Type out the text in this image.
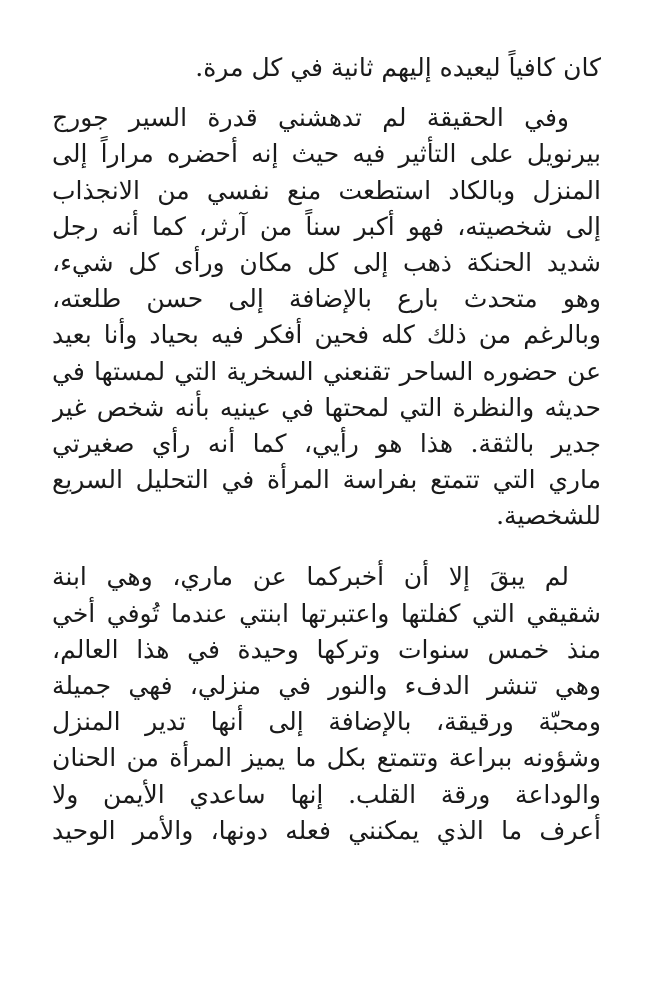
كان كافياً ليعيده إليهم ثانية في كل مرة.
وفي الحقيقة لم تدهشني قدرة السير جورج
بيرنويل على التأثير فيه حيث إنه أحضره مراراً إلى
المنزل وبالكاد استطعت منع نفسي من الانجذاب
إلى شخصيته، فهو أكبر سناً من آرثر، كما أنه رجل
شديد الحنكة ذهب إلى كل مكان ورأى كل شيء،
وهو متحدث بارع بالإضافة إلى حسن طلعته،
وبالرغم من ذلك كله فحين أفكر فيه بحياد وأنا بعيد
عن حضوره الساحر تقنعني السخرية التي لمستها في
حديثه والنظرة التي لمحتها في عينيه بأنه شخص غير
جدير بالثقة. هذا هو رأيي، كما أنه رأي صغيرتي
ماري التي تتمتع بفراسة المرأة في التحليل السريع
للشخصية.
لم يبقَ إلا أن أخبركما عن ماري، وهي ابنة
شقيقي التي كفلتها واعتبرتها ابنتي عندما تُوفي أخي
منذ خمس سنوات وتركها وحيدة في هذا العالم،
وهي تنشر الدفء والنور في منزلي، فهي جميلة
ومحبّة ورقيقة، بالإضافة إلى أنها تدير المنزل
وشؤونه ببراعة وتتمتع بكل ما يميز المرأة من الحنان
والوداعة ورقة القلب. إنها ساعدي الأيمن ولا
أعرف ما الذي يمكنني فعله دونها، والأمر الوحيد
